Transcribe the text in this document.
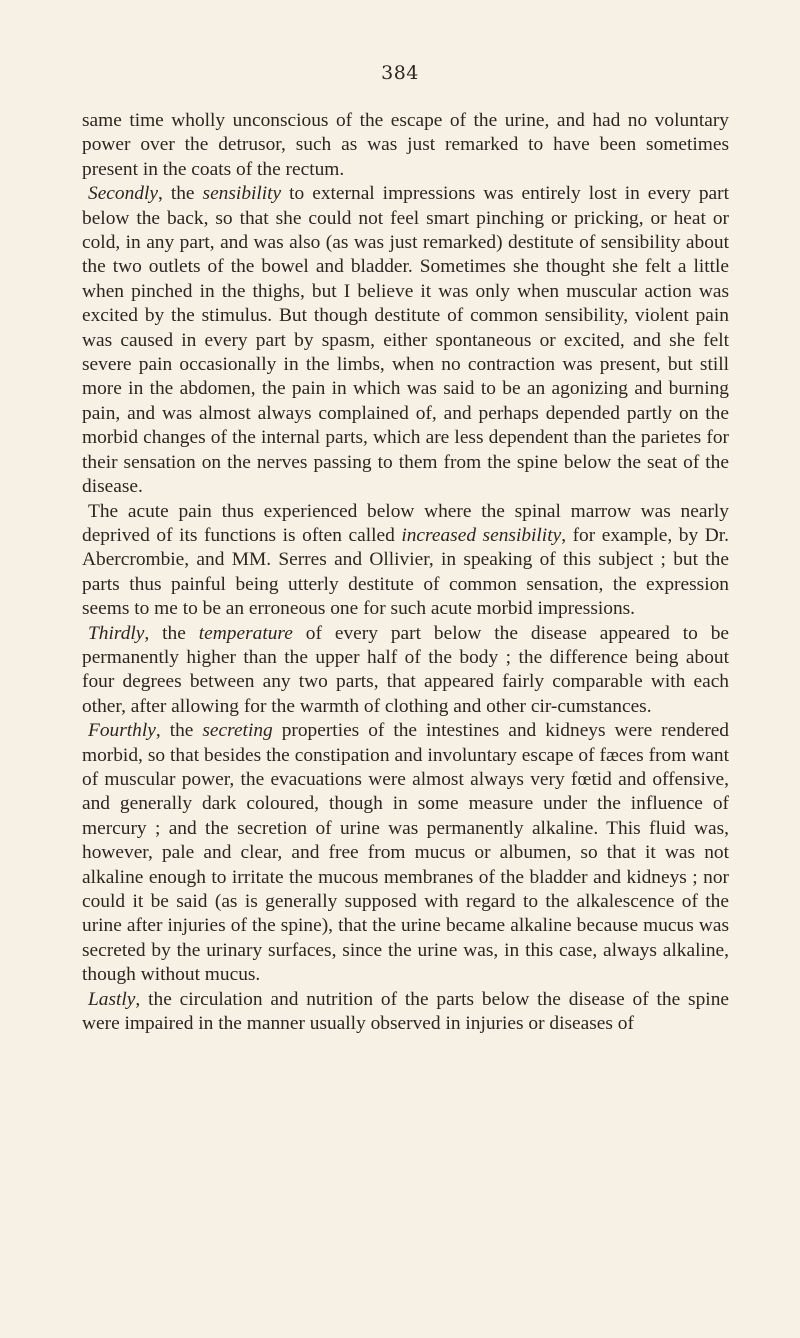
384

same time wholly unconscious of the escape of the urine, and had no voluntary power over the detrusor, such as was just remarked to have been sometimes present in the coats of the rectum.

Secondly, the sensibility to external impressions was entirely lost in every part below the back, so that she could not feel smart pinching or pricking, or heat or cold, in any part, and was also (as was just remarked) destitute of sensibility about the two outlets of the bowel and bladder. Sometimes she thought she felt a little when pinched in the thighs, but I believe it was only when muscular action was excited by the stimulus. But though destitute of common sensibility, violent pain was caused in every part by spasm, either spontaneous or excited, and she felt severe pain occasionally in the limbs, when no contraction was present, but still more in the abdomen, the pain in which was said to be an agonizing and burning pain, and was almost always complained of, and perhaps depended partly on the morbid changes of the internal parts, which are less dependent than the parietes for their sensation on the nerves passing to them from the spine below the seat of the disease.

The acute pain thus experienced below where the spinal marrow was nearly deprived of its functions is often called increased sensibility, for example, by Dr. Abercrombie, and MM. Serres and Ollivier, in speaking of this subject ; but the parts thus painful being utterly destitute of common sensation, the expression seems to me to be an erroneous one for such acute morbid impressions.

Thirdly, the temperature of every part below the disease appeared to be permanently higher than the upper half of the body ; the difference being about four degrees between any two parts, that appeared fairly comparable with each other, after allowing for the warmth of clothing and other cir-cumstances.

Fourthly, the secreting properties of the intestines and kidneys were rendered morbid, so that besides the constipation and involuntary escape of fæces from want of muscular power, the evacuations were almost always very fœtid and offensive, and generally dark coloured, though in some measure under the influence of mercury ; and the secretion of urine was permanently alkaline. This fluid was, however, pale and clear, and free from mucus or albumen, so that it was not alkaline enough to irritate the mucous membranes of the bladder and kidneys ; nor could it be said (as is generally supposed with regard to the alkalescence of the urine after injuries of the spine), that the urine became alkaline because mucus was secreted by the urinary surfaces, since the urine was, in this case, always alkaline, though without mucus.

Lastly, the circulation and nutrition of the parts below the disease of the spine were impaired in the manner usually observed in injuries or diseases of
